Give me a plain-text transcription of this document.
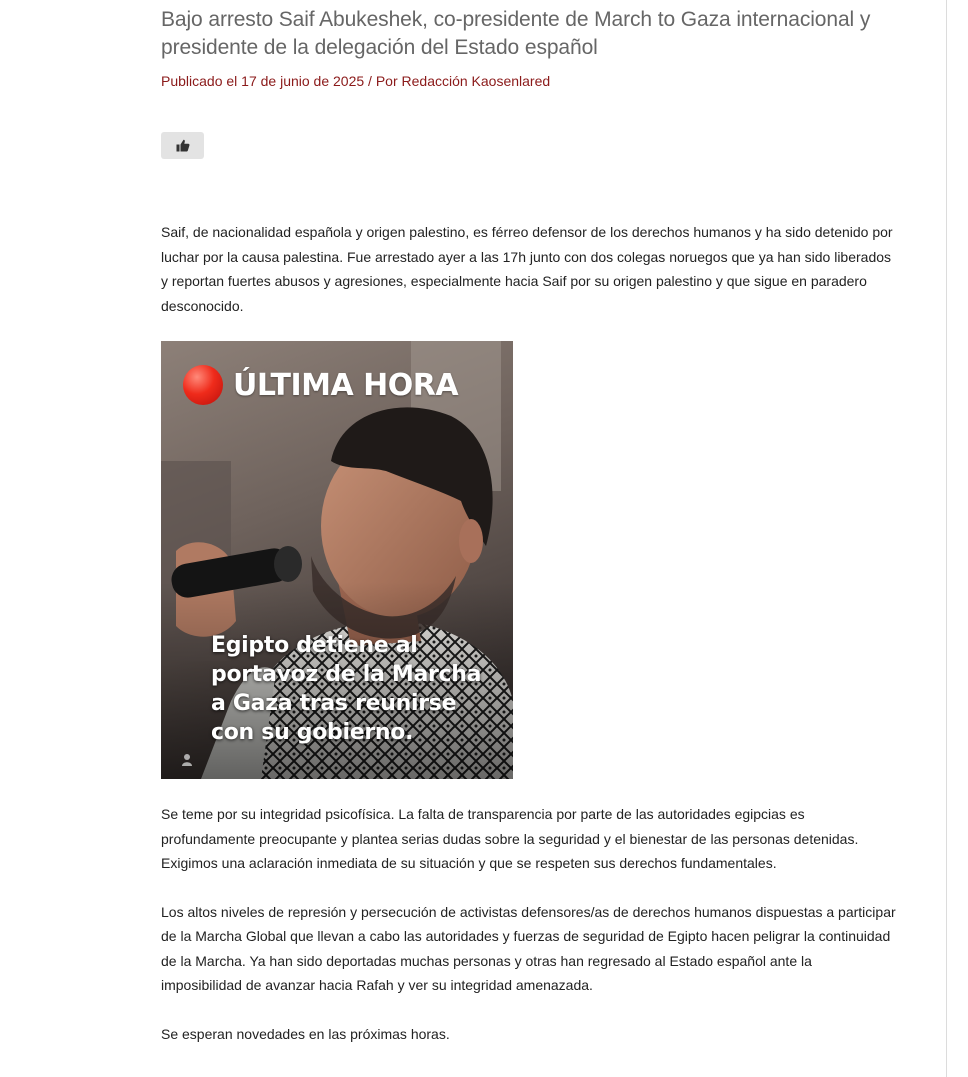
Bajo arresto Saif Abukeshek, co-presidente de March to Gaza internacional y presidente de la delegación del Estado español
Publicado el 17 de junio de 2025 / Por Redacción Kaosenlared

Saif, de nacionalidad española y origen palestino, es férreo defensor de los derechos humanos y ha sido detenido por luchar por la causa palestina. Fue arrestado ayer a las 17h junto con dos colegas noruegos que ya han sido liberados y reportan fuertes abusos y agresiones, especialmente hacia Saif por su origen palestino y que sigue en paradero desconocido.

ÚLTIMA HORA
Egipto detiene al
portavoz de la Marcha
a Gaza tras reunirse
con su gobierno.

Se teme por su integridad psicofísica. La falta de transparencia por parte de las autoridades egipcias es profundamente preocupante y plantea serias dudas sobre la seguridad y el bienestar de las personas detenidas. Exigimos una aclaración inmediata de su situación y que se respeten sus derechos fundamentales.

Los altos niveles de represión y persecución de activistas defensores/as de derechos humanos dispuestas a participar de la Marcha Global que llevan a cabo las autoridades y fuerzas de seguridad de Egipto hacen peligrar la continuidad de la Marcha. Ya han sido deportadas muchas personas y otras han regresado al Estado español ante la imposibilidad de avanzar hacia Rafah y ver su integridad amenazada.

Se esperan novedades en las próximas horas.
